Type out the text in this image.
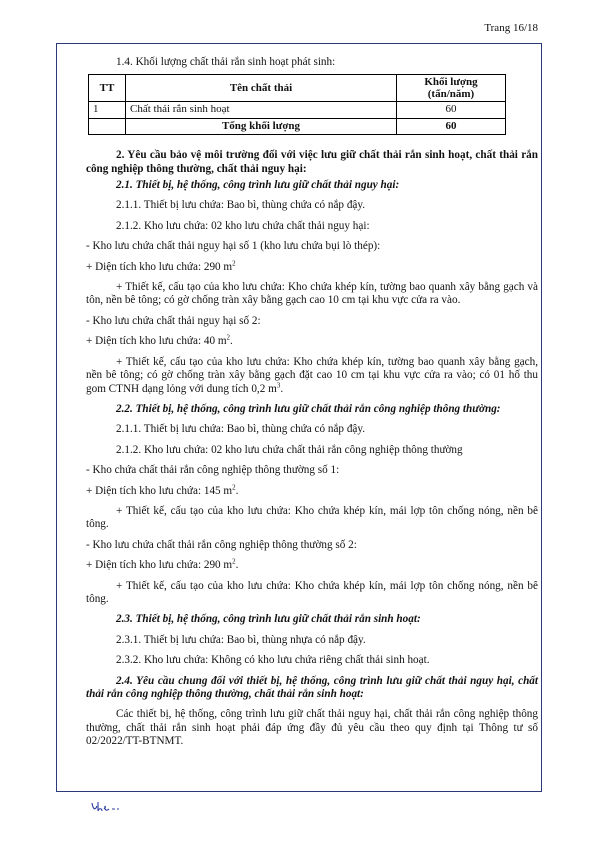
Trang 16/18

1.4. Khối lượng chất thải rắn sinh hoạt phát sinh:

TT	Tên chất thải	Khối lượng
(tấn/năm)
1	Chất thải rắn sinh hoạt	60
	Tổng khối lượng	60

2. Yêu cầu bảo vệ môi trường đối với việc lưu giữ chất thải rắn sinh hoạt, chất thải rắn công nghiệp thông thường, chất thải nguy hại:

2.1. Thiết bị, hệ thống, công trình lưu giữ chất thải nguy hại:

2.1.1. Thiết bị lưu chứa: Bao bì, thùng chứa có nắp đậy.

2.1.2. Kho lưu chứa: 02 kho lưu chứa chất thải nguy hại:

- Kho lưu chứa chất thải nguy hại số 1 (kho lưu chứa bụi lò thép):

+ Diện tích kho lưu chứa: 290 $m^2$

+ Thiết kế, cấu tạo của kho lưu chứa: Kho chứa khép kín, tường bao quanh xây bằng gạch và tôn, nền bê tông; có gờ chống tràn xây bằng gạch cao 10 cm tại khu vực cửa ra vào.

- Kho lưu chứa chất thải nguy hại số 2:

+ Diện tích kho lưu chứa: 40 $m^2$.

+ Thiết kế, cấu tạo của kho lưu chứa: Kho chứa khép kín, tường bao quanh xây bằng gạch, nền bê tông; có gờ chống tràn xây bằng gạch đặt cao 10 cm tại khu vực cửa ra vào; có 01 hố thu gom CTNH dạng lỏng với dung tích 0,2 $m^3$.

2.2. Thiết bị, hệ thống, công trình lưu giữ chất thải rắn công nghiệp thông thường:

2.1.1. Thiết bị lưu chứa: Bao bì, thùng chứa có nắp đậy.

2.1.2. Kho lưu chứa: 02 kho lưu chứa chất thải rắn công nghiệp thông thường

- Kho chứa chất thải rắn công nghiệp thông thường số 1:

+ Diện tích kho lưu chứa: 145 $m^2$.

+ Thiết kế, cấu tạo của kho lưu chứa: Kho chứa khép kín, mái lợp tôn chống nóng, nền bê tông.

- Kho lưu chứa chất thải rắn công nghiệp thông thường số 2:

+ Diện tích kho lưu chứa: 290 $m^2$.

+ Thiết kế, cấu tạo của kho lưu chứa: Kho chứa khép kín, mái lợp tôn chống nóng, nền bê tông.

2.3. Thiết bị, hệ thống, công trình lưu giữ chất thải rắn sinh hoạt:

2.3.1. Thiết bị lưu chứa: Bao bì, thùng nhựa có nắp đậy.

2.3.2. Kho lưu chứa: Không có kho lưu chứa riêng chất thải sinh hoạt.

2.4. Yêu cầu chung đối với thiết bị, hệ thống, công trình lưu giữ chất thải nguy hại, chất thải rắn công nghiệp thông thường, chất thải rắn sinh hoạt:

Các thiết bị, hệ thống, công trình lưu giữ chất thải nguy hại, chất thải rắn công nghiệp thông thường, chất thải rắn sinh hoạt phải đáp ứng đầy đủ yêu cầu theo quy định tại Thông tư số 02/2022/TT-BTNMT.
